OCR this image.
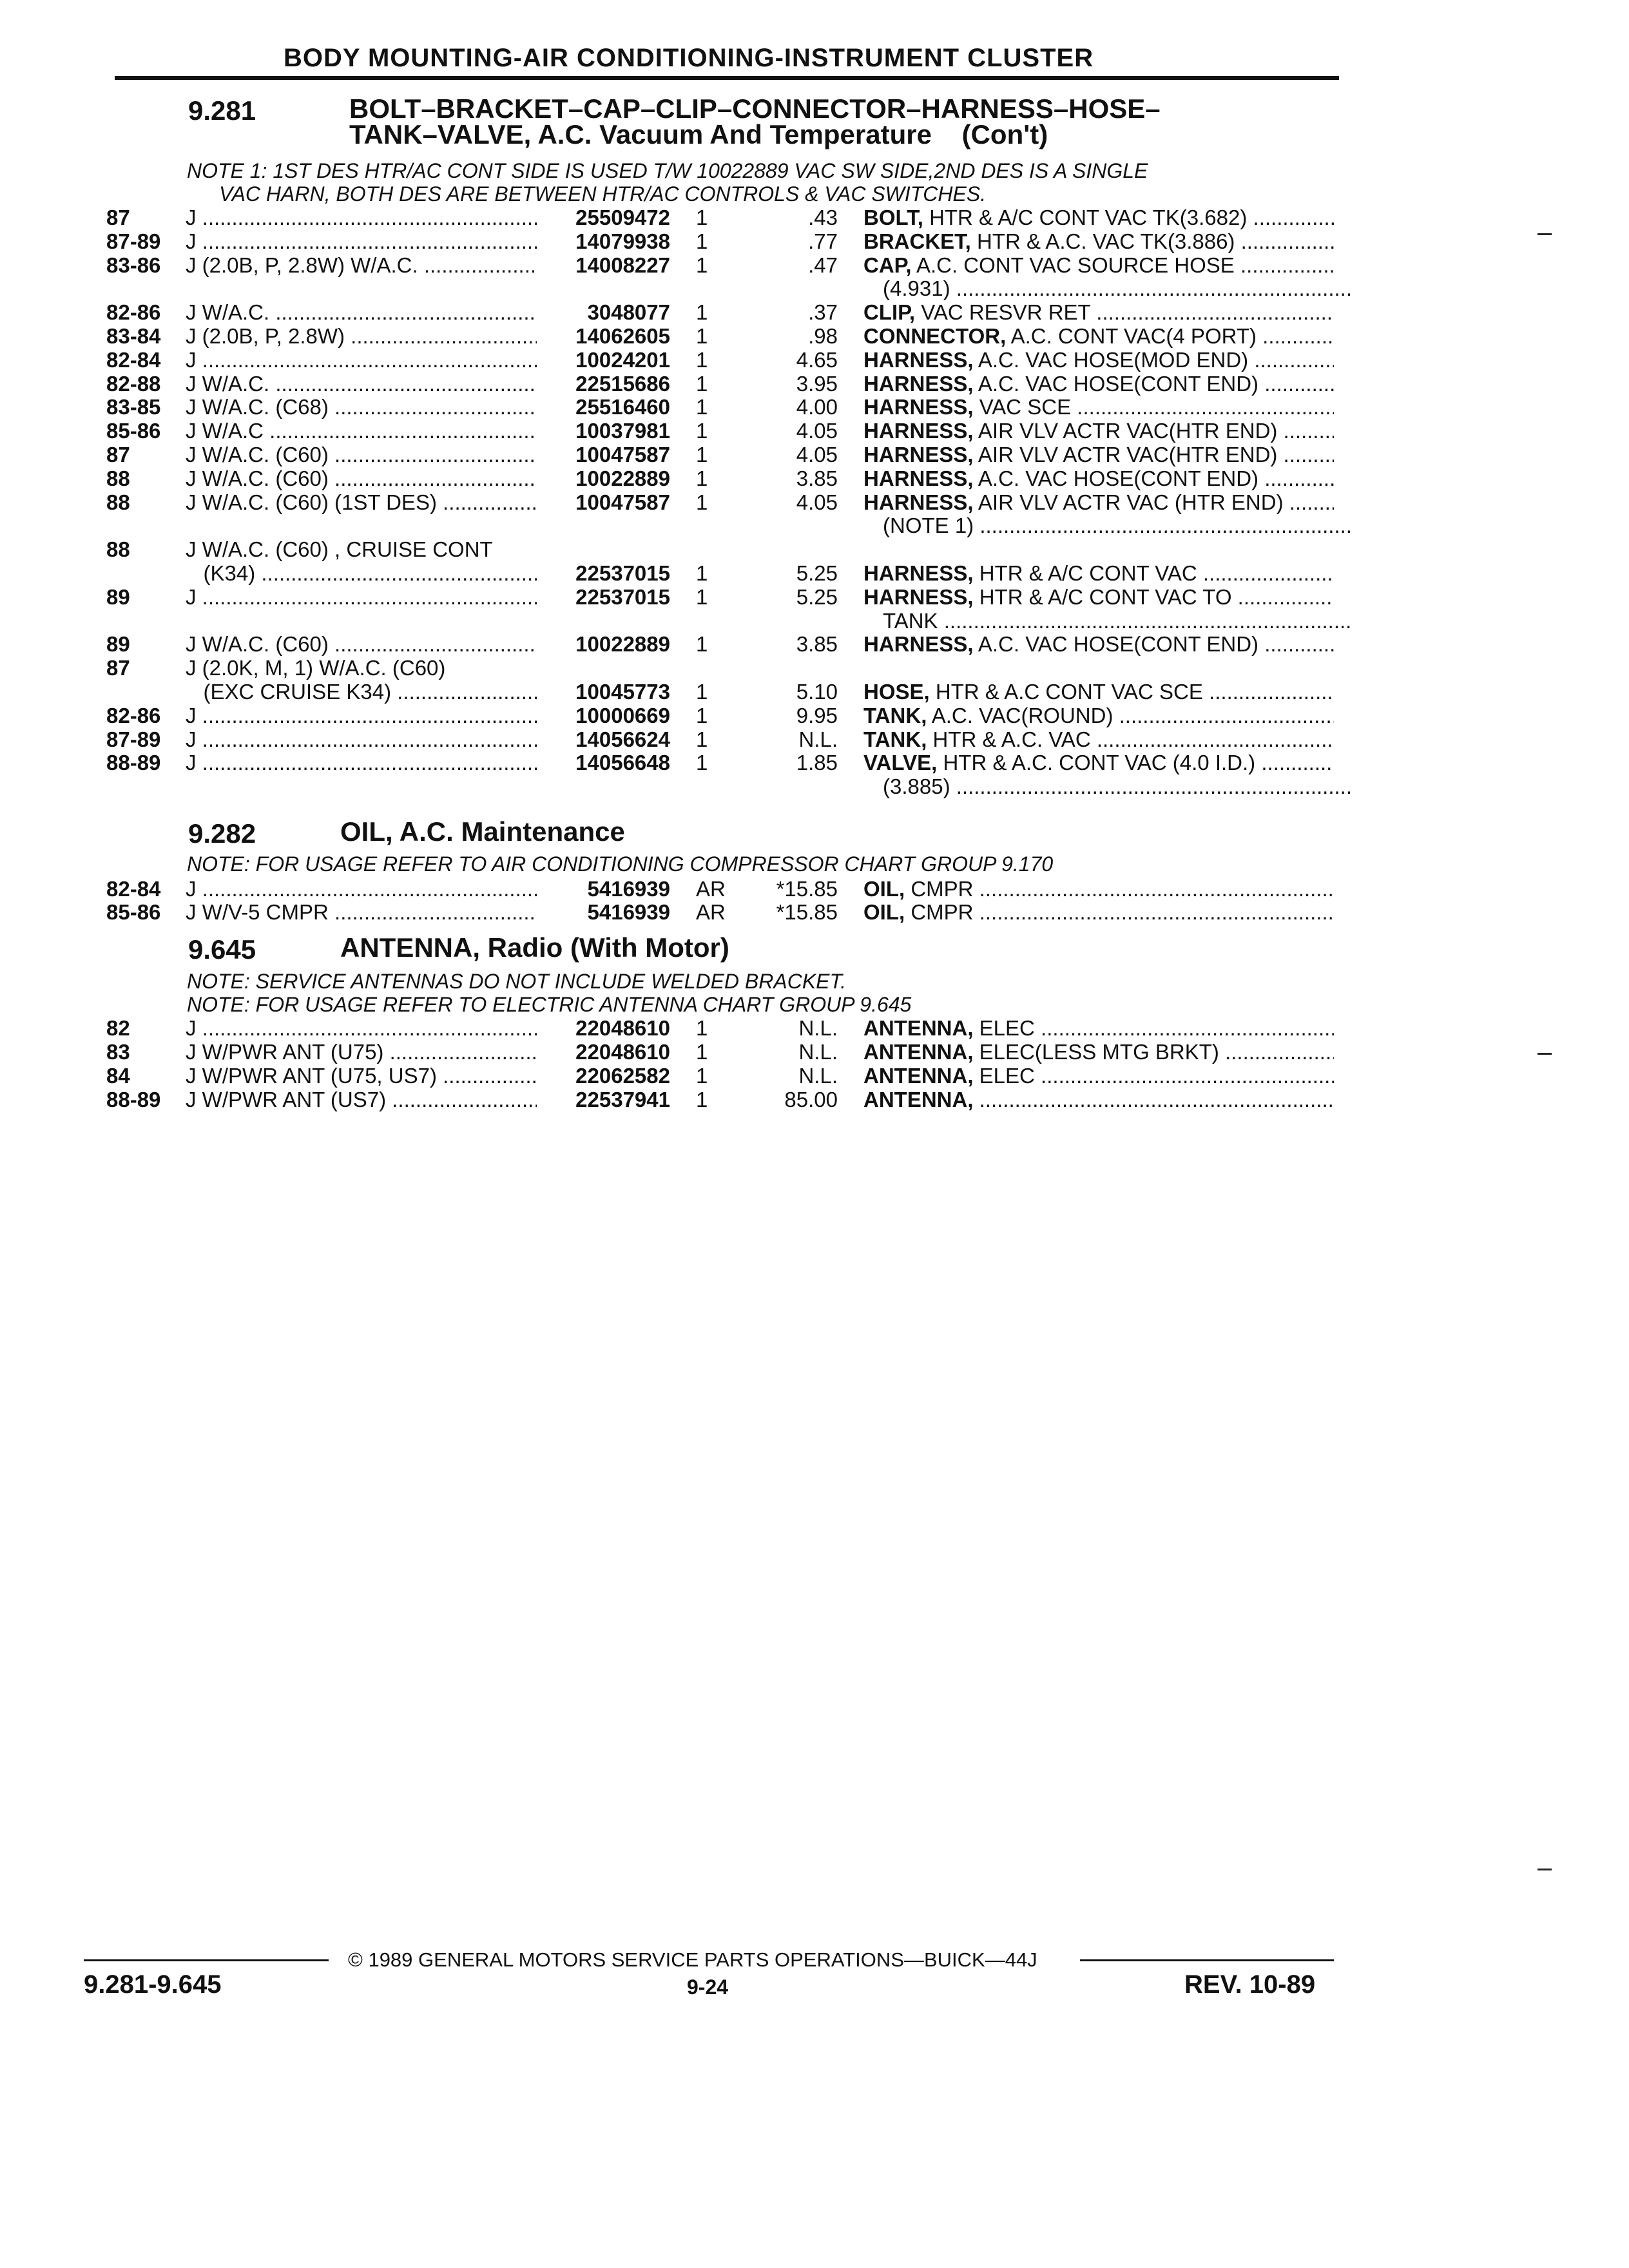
BODY MOUNTING-AIR CONDITIONING-INSTRUMENT CLUSTER
9.281	BOLT–BRACKET–CAP–CLIP–CONNECTOR–HARNESS–HOSE–
TANK–VALVE, A.C. Vacuum And Temperature    (Con't)
NOTE 1: 1ST DES HTR/AC CONT SIDE IS USED T/W 10022889 VAC SW SIDE,2ND DES IS A SINGLE
VAC HARN, BOTH DES ARE BETWEEN HTR/AC CONTROLS & VAC SWITCHES.
87	J .....	25509472 1	.43 BOLT, HTR & A/C CONT VAC TK(3.682) .....
87-89 J .....	14079938 1	.77 BRACKET, HTR & A.C. VAC TK(3.886) .....
83-86 J (2.0B, P, 2.8W) W/A.C. .....	14008227 1	.47 CAP, A.C. CONT VAC SOURCE HOSE .....
(4.931) .....
82-86 J W/A.C. .....	3048077 1	.37 CLIP, VAC RESVR RET .....
83-84 J (2.0B, P, 2.8W) .....	14062605 1	.98 CONNECTOR, A.C. CONT VAC(4 PORT) .....
82-84 J .....	10024201 1	4.65 HARNESS, A.C. VAC HOSE(MOD END) .....
82-88 J W/A.C. .....	22515686 1	3.95 HARNESS, A.C. VAC HOSE(CONT END) .....
83-85 J W/A.C. (C68) .....	25516460 1	4.00 HARNESS, VAC SCE .....
85-86 J W/A.C .....	10037981 1	4.05 HARNESS, AIR VLV ACTR VAC(HTR END) .....
87	J W/A.C. (C60) .....	10047587 1	4.05 HARNESS, AIR VLV ACTR VAC(HTR END) .....
88	J W/A.C. (C60) .....	10022889 1	3.85 HARNESS, A.C. VAC HOSE(CONT END) .....
88	J W/A.C. (C60) (1ST DES) .....	10047587 1	4.05 HARNESS, AIR VLV ACTR VAC (HTR END) .....
(NOTE 1) .....
88	J W/A.C. (C60) , CRUISE CONT
(K34) .....	22537015 1	5.25 HARNESS, HTR & A/C CONT VAC .....
89	J .....	22537015 1	5.25 HARNESS, HTR & A/C CONT VAC TO .....
TANK .....
89	J W/A.C. (C60) .....	10022889 1	3.85 HARNESS, A.C. VAC HOSE(CONT END) .....
87	J (2.0K, M, 1) W/A.C. (C60)
(EXC CRUISE K34) .....	10045773 1	5.10 HOSE, HTR & A.C CONT VAC SCE .....
82-86 J .....	10000669 1	9.95 TANK, A.C. VAC(ROUND) .....
87-89 J .....	14056624 1	N.L. TANK, HTR & A.C. VAC .....
88-89 J .....	14056648 1	1.85 VALVE, HTR & A.C. CONT VAC (4.0 I.D.) .....
(3.885) .....
9.282	OIL, A.C. Maintenance
NOTE: FOR USAGE REFER TO AIR CONDITIONING COMPRESSOR CHART GROUP 9.170
82-84 J .....	5416939 AR	*15.85 OIL, CMPR .....
85-86 J W/V-5 CMPR .....	5416939 AR	*15.85 OIL, CMPR .....
9.645	ANTENNA, Radio (With Motor)
NOTE: SERVICE ANTENNAS DO NOT INCLUDE WELDED BRACKET.
NOTE: FOR USAGE REFER TO ELECTRIC ANTENNA CHART GROUP 9.645
82	J .....	22048610 1	N.L. ANTENNA, ELEC .....
83	J W/PWR ANT (U75) .....	22048610 1	N.L. ANTENNA, ELEC(LESS MTG BRKT) .....
84	J W/PWR ANT (U75, US7) .....	22062582 1	N.L. ANTENNA, ELEC .....
88-89 J W/PWR ANT (US7) .....	22537941 1	85.00 ANTENNA, .....
© 1989 GENERAL MOTORS SERVICE PARTS OPERATIONS—BUICK—44J
9.281-9.645	9-24	REV. 10-89
